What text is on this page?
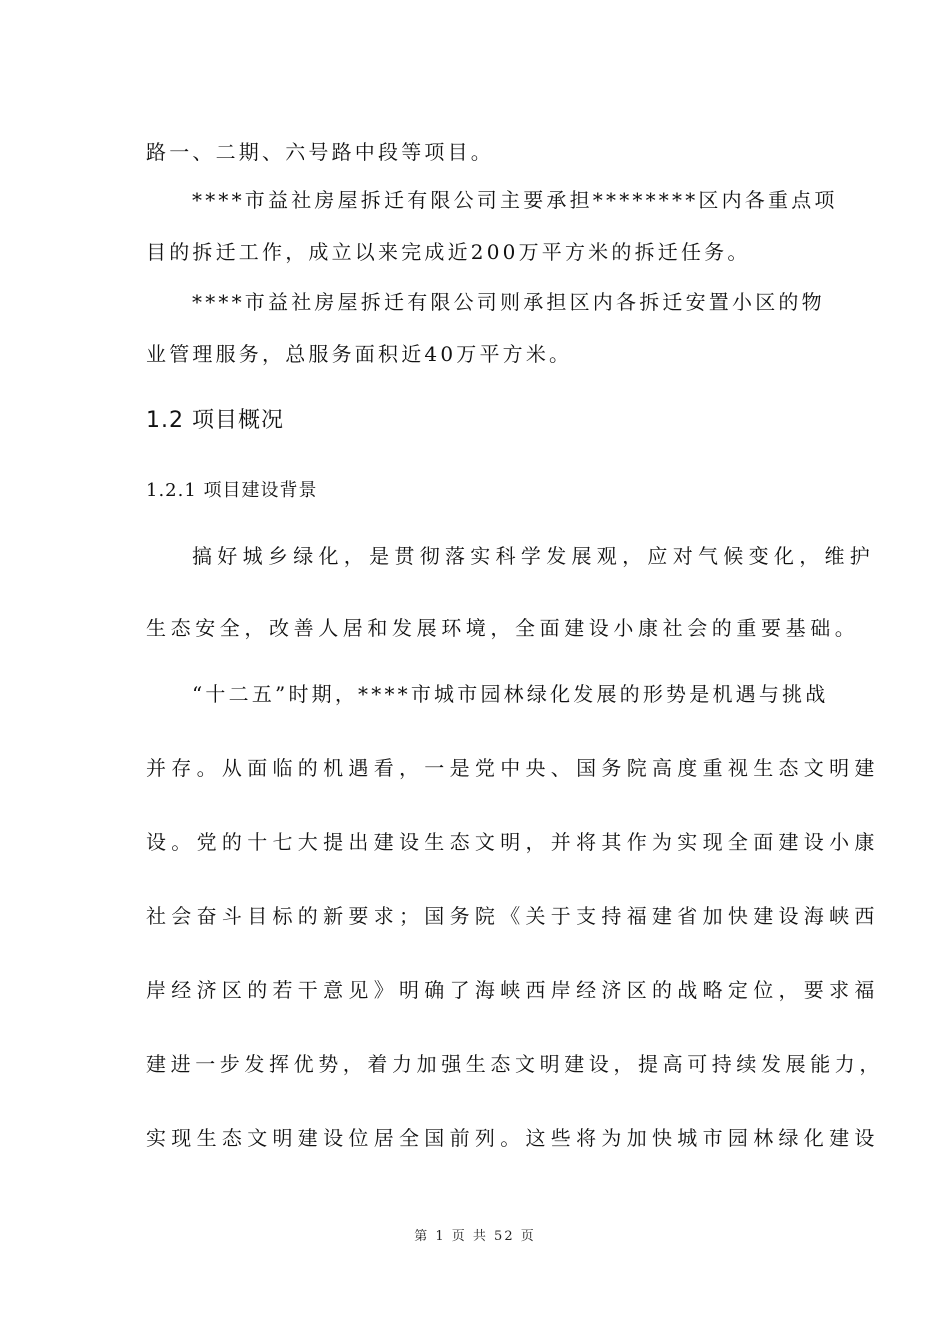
路一、二期、六号路中段等项目。

****市益社房屋拆迁有限公司主要承担********区内各重点项

目的拆迁工作，成立以来完成近200万平方米的拆迁任务。

****市益社房屋拆迁有限公司则承担区内各拆迁安置小区的物

业管理服务，总服务面积近40万平方米。

1.2 项目概况
1.2.1 项目建设背景

搞好城乡绿化，是贯彻落实科学发展观，应对气候变化，维护

生态安全，改善人居和发展环境，全面建设小康社会的重要基础。

“十二五”时期，****市城市园林绿化发展的形势是机遇与挑战

并存。从面临的机遇看，一是党中央、国务院高度重视生态文明建

设。党的十七大提出建设生态文明，并将其作为实现全面建设小康

社会奋斗目标的新要求；国务院《关于支持福建省加快建设海峡西

岸经济区的若干意见》明确了海峡西岸经济区的战略定位，要求福

建进一步发挥优势，着力加强生态文明建设，提高可持续发展能力，

实现生态文明建设位居全国前列。这些将为加快城市园林绿化建设

第 1 页 共 52 页
